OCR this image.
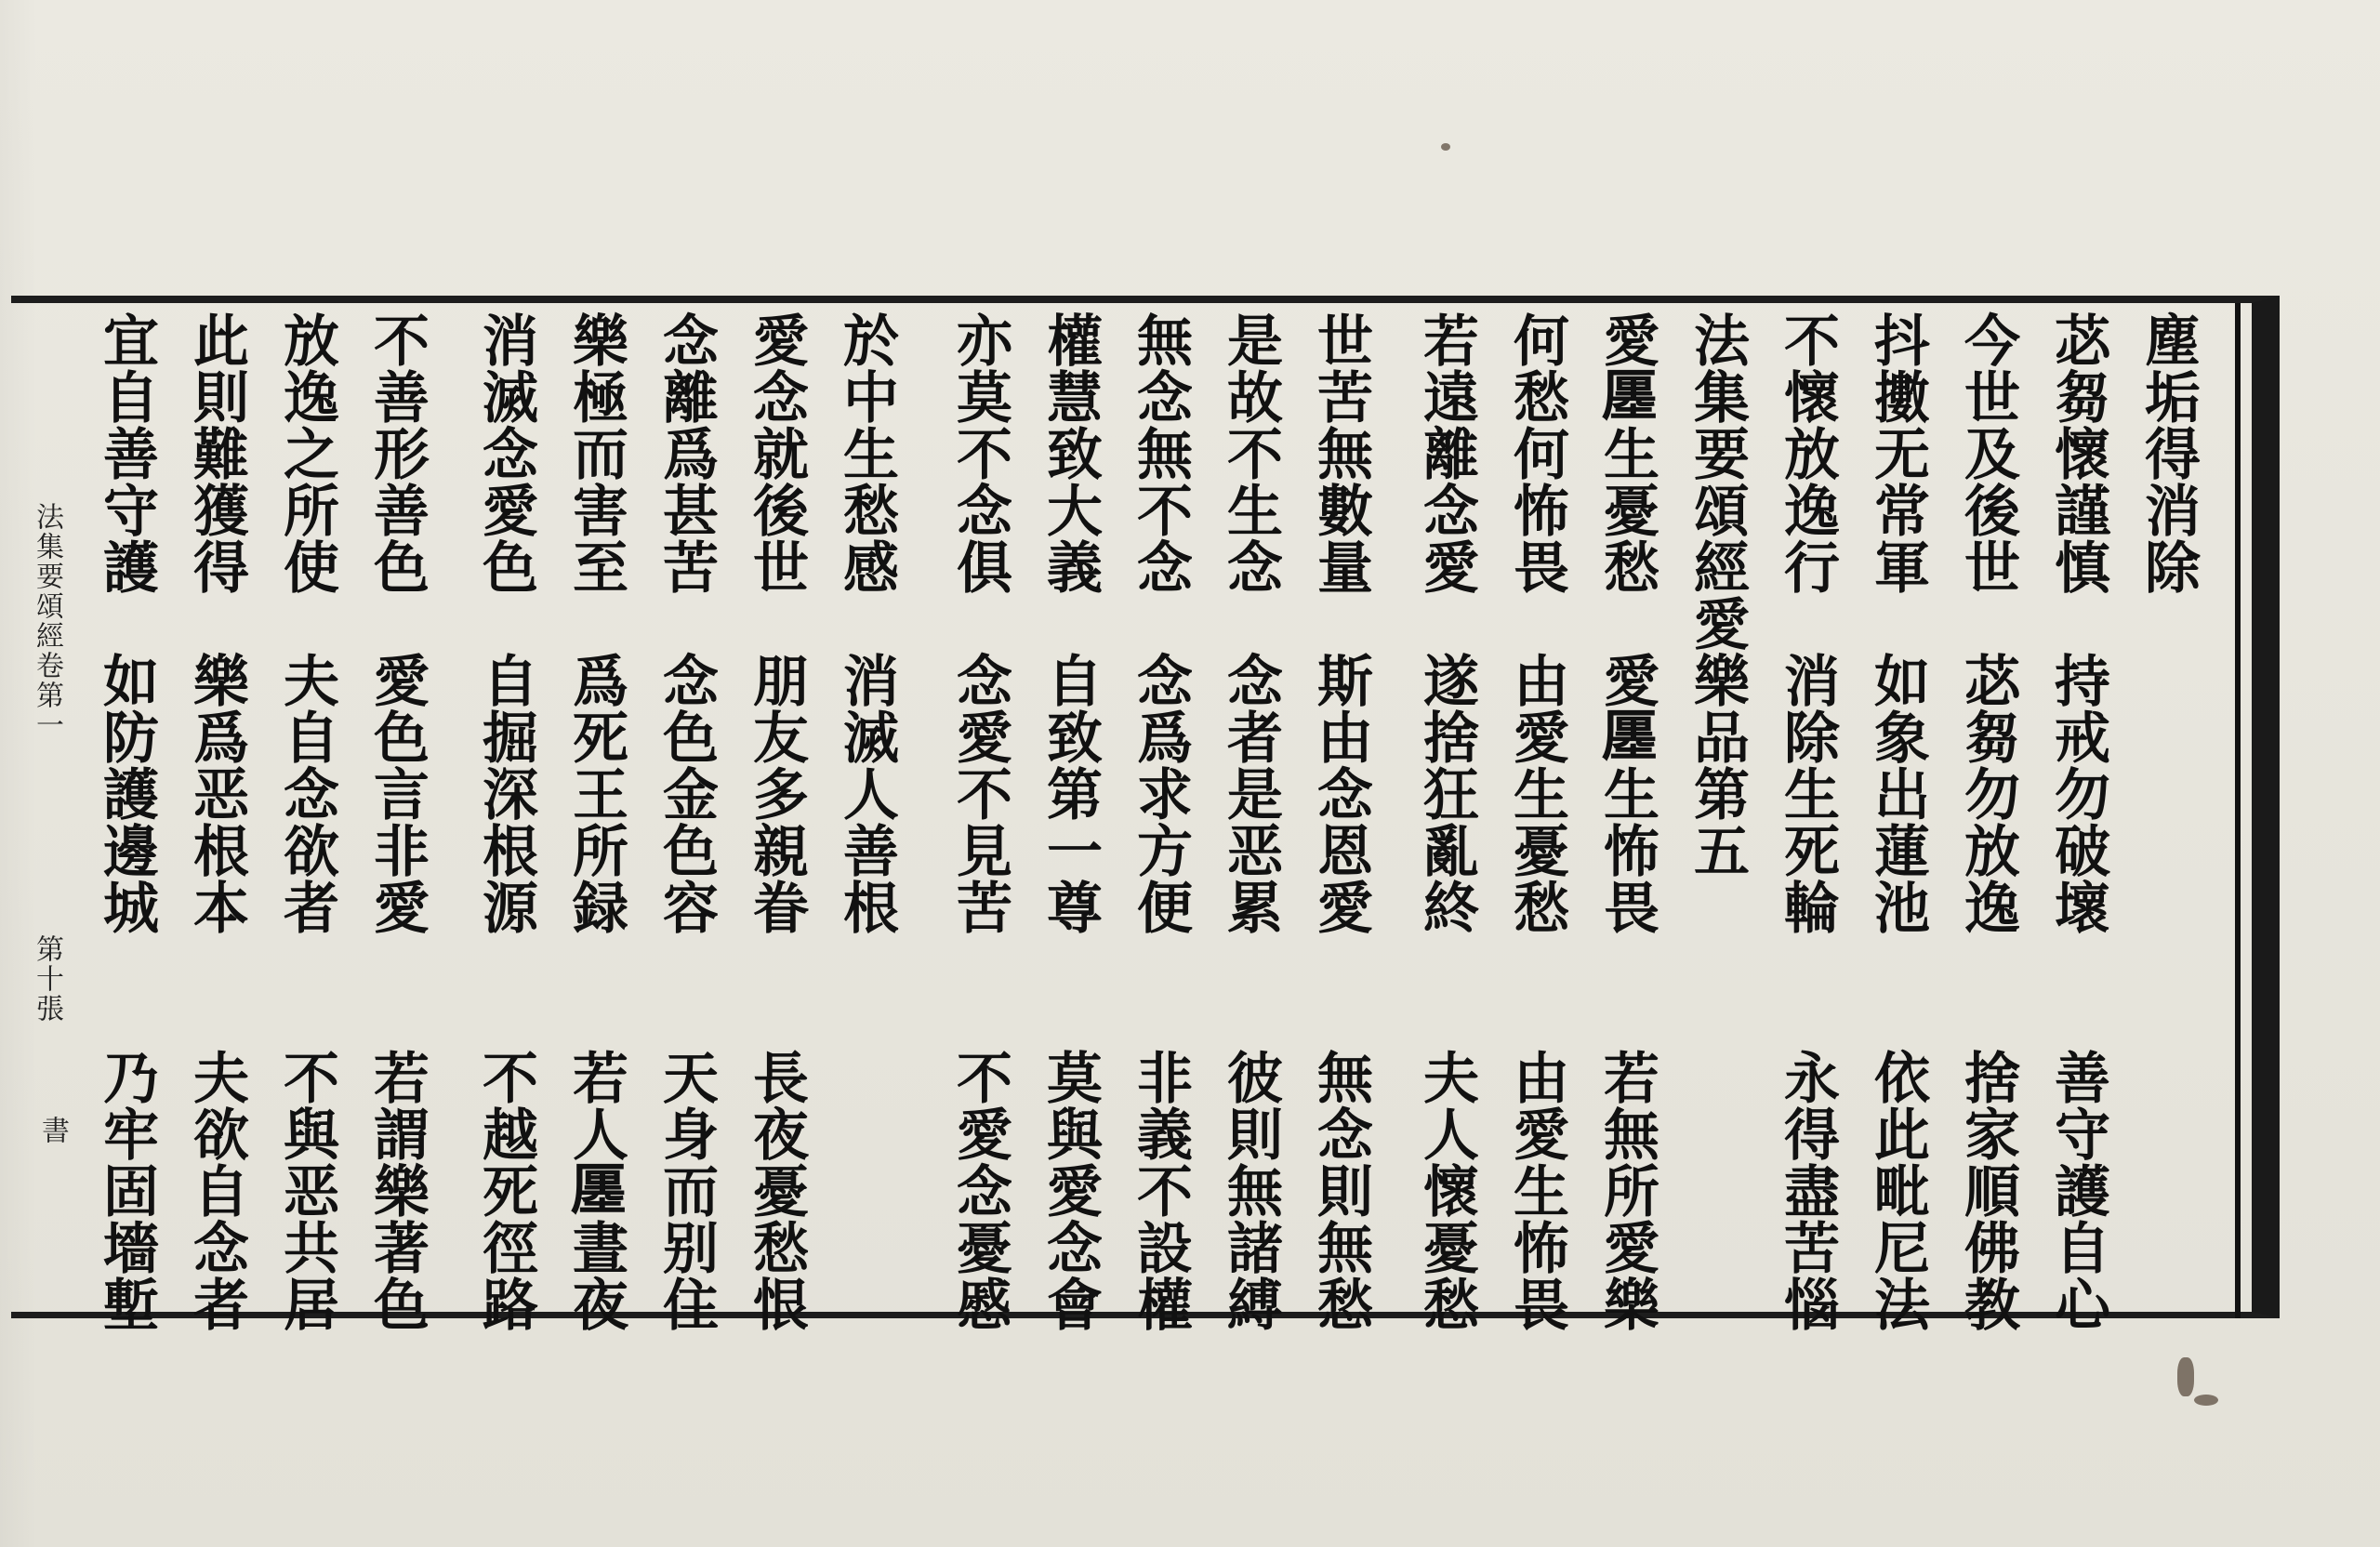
塵垢得消除
苾芻懷謹慎　持戒勿破壞　　善守護自心
今世及後世　苾芻勿放逸　　捨家順佛教
抖擻无常軍　如象出蓮池　　依此毗尼法
不懷放逸行　消除生死輪　　永得盡苦惱
法集要頌經愛樂品第五
愛𠪨生憂愁　愛𠪨生怖畏　　若無所愛樂
何愁何怖畏　由愛生憂愁　　由愛生怖畏
若遠離念愛　遂捨狂亂終　　夫人懷憂愁
世苦無數量　斯由念恩愛　　無念則無愁
是故不生念　念者是恶累　　彼則無諸縛
無念無不念　念爲求方便　　非義不設權
權慧致大義　自致第一尊　　莫與愛念會
亦莫不念俱　念愛不見苦　　不愛念憂慼
於中生愁感　消滅人善根
愛念就後世　朋友多親眷　　長夜憂愁恨
念離爲甚苦　念色金色容　　天身而别住
樂極而害至　爲死王所録　　若人𠪨晝夜
消滅念愛色　自掘深根源　　不越死徑路
不善形善色　愛色言非愛　　若謂樂著色
放逸之所使　夫自念欲者　　不與恶共居
此則難獲得　樂爲恶根本　　夫欲自念者
宜自善守護　如防護邊城　　乃牢固墻塹
法集要頌經卷第一
第十張
書
